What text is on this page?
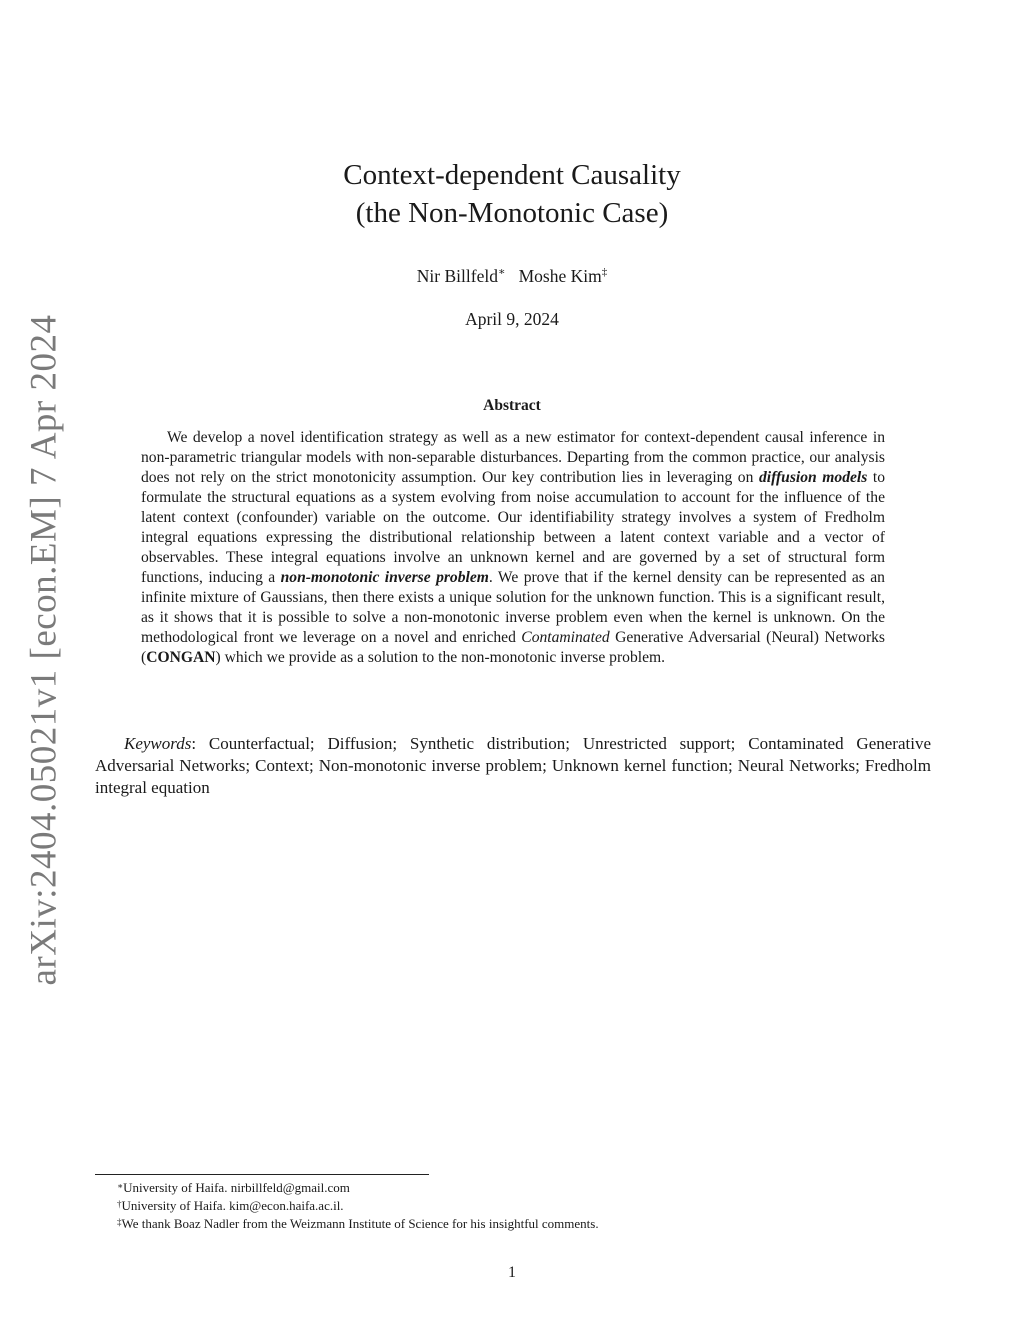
arXiv:2404.05021v1 [econ.EM] 7 Apr 2024
Context-dependent Causality
(the Non-Monotonic Case)
Nir Billfeld∗ Moshe Kim‡
April 9, 2024
Abstract
We develop a novel identification strategy as well as a new estimator for context-dependent causal inference in non-parametric triangular models with non-separable disturbances. Departing from the common practice, our analysis does not rely on the strict monotonicity assumption. Our key contribution lies in leveraging on diffusion models to formulate the structural equations as a system evolving from noise accumulation to account for the influence of the latent context (confounder) variable on the outcome. Our identifiability strategy involves a system of Fredholm integral equations expressing the distributional relationship between a latent context variable and a vector of observables. These integral equations involve an unknown kernel and are governed by a set of structural form functions, inducing a non-monotonic inverse problem. We prove that if the kernel density can be represented as an infinite mixture of Gaussians, then there exists a unique solution for the unknown function. This is a significant result, as it shows that it is possible to solve a non-monotonic inverse problem even when the kernel is unknown. On the methodological front we leverage on a novel and enriched Contaminated Generative Adversarial (Neural) Networks (CONGAN) which we provide as a solution to the non-monotonic inverse problem.
Keywords: Counterfactual; Diffusion; Synthetic distribution; Unrestricted support; Contaminated Generative Adversarial Networks; Context; Non-monotonic inverse problem; Unknown kernel function; Neural Networks; Fredholm integral equation
∗University of Haifa. nirbillfeld@gmail.com
†University of Haifa. kim@econ.haifa.ac.il.
‡We thank Boaz Nadler from the Weizmann Institute of Science for his insightful comments.
1
